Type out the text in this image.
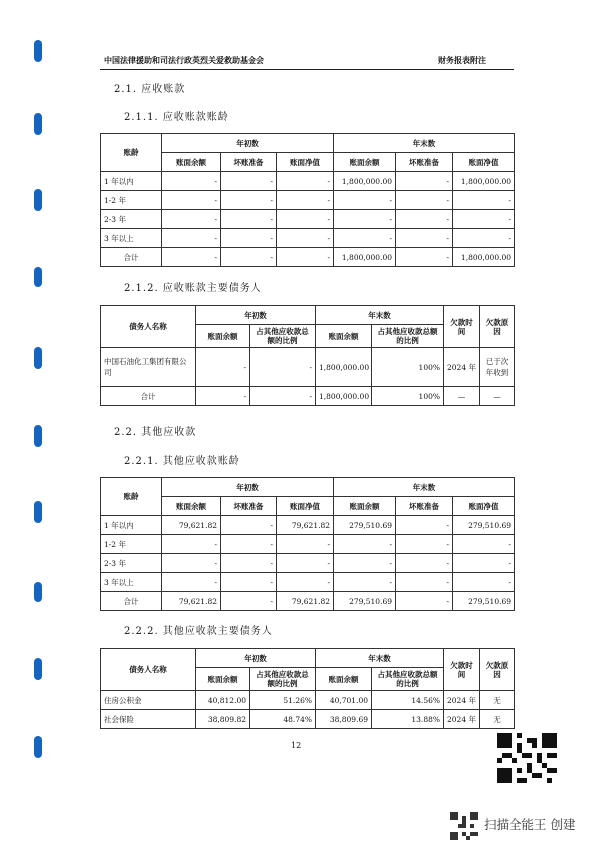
中国法律援助和司法行政英烈关爱救助基金会	财务报表附注
2.1. 应收账款
2.1.1. 应收账款账龄
账龄	年初数			年末数		
	账面余额	坏账准备	账面净值	账面余额	坏账准备	账面净值
1 年以内	-	-	-	1,800,000.00	-	1,800,000.00
1-2 年	-	-	-	-	-	-
2-3 年	-	-	-	-	-	-
3 年以上	-	-	-	-	-	-
合计	-	-	-	1,800,000.00	-	1,800,000.00
2.1.2. 应收账款主要债务人
债务人名称	年初数		年末数		欠款时间	欠款原因
	账面余额	占其他应收款总额的比例	账面余额	占其他应收款总额的比例		
中国石油化工集团有限公司	-	-	1,800,000.00	100%	2024 年	已于次年收到
合计	-	-	1,800,000.00	100%	—	—
2.2. 其他应收款
2.2.1. 其他应收款账龄
账龄	年初数			年末数		
	账面余额	坏账准备	账面净值	账面余额	坏账准备	账面净值
1 年以内	79,621.82	-	79,621.82	279,510.69	-	279,510.69
1-2 年	-	-	-	-	-	-
2-3 年	-	-	-	-	-	-
3 年以上	-	-	-	-	-	-
合计	79,621.82	-	79,621.82	279,510.69	-	279,510.69
2.2.2. 其他应收款主要债务人
债务人名称	年初数		年末数		欠款时间	欠款原因
	账面余额	占其他应收款总额的比例	账面余额	占其他应收款总额的比例		
住房公积金	40,812.00	51.26%	40,701.00	14.56%	2024 年	无
社会保险	38,809.82	48.74%	38,809.69	13.88%	2024 年	无
12
扫描全能王 创建
